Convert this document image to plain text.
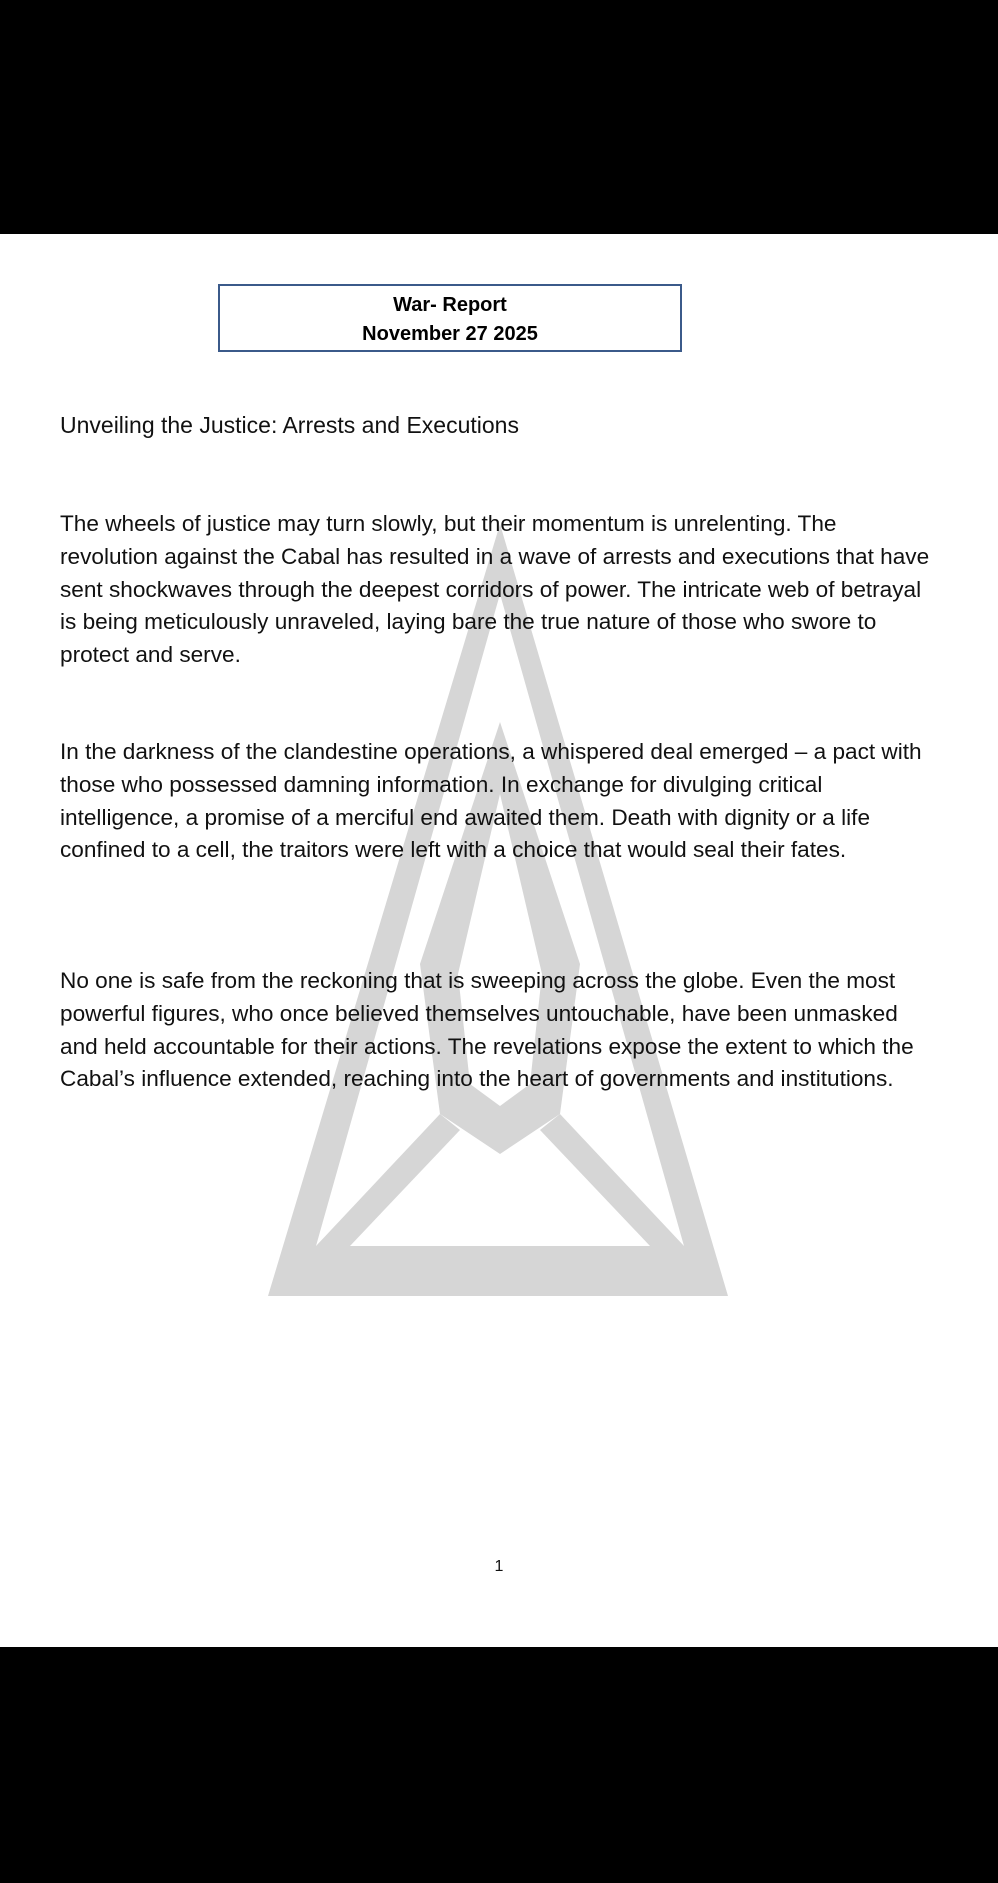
War- Report
November 27 2025
Unveiling the Justice: Arrests and Executions

The wheels of justice may turn slowly, but their momentum is unrelenting. The revolution against the Cabal has resulted in a wave of arrests and executions that have sent shockwaves through the deepest corridors of power. The intricate web of betrayal is being meticulously unraveled, laying bare the true nature of those who swore to protect and serve.

In the darkness of the clandestine operations, a whispered deal emerged – a pact with those who possessed damning information. In exchange for divulging critical intelligence, a promise of a merciful end awaited them. Death with dignity or a life confined to a cell, the traitors were left with a choice that would seal their fates.

No one is safe from the reckoning that is sweeping across the globe. Even the most powerful figures, who once believed themselves untouchable, have been unmasked and held accountable for their actions. The revelations expose the extent to which the Cabal’s influence extended, reaching into the heart of governments and institutions.

1
